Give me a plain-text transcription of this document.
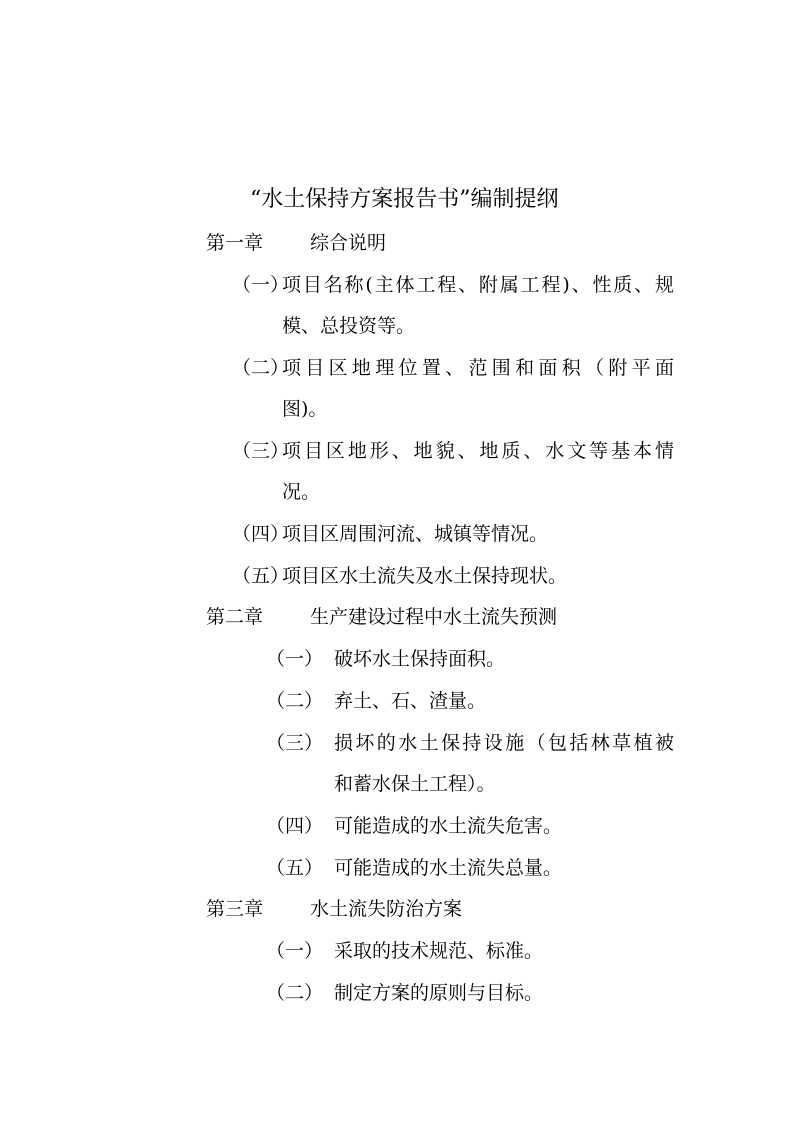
“水土保持方案报告书”编制提纲
第一章 综合说明
（一）
项目名称(主体工程、附属工程)、性质、规
模、总投资等。
（二）
项目区地理位置、范围和面积（附平面
图)。
（三）
项目区地形、地貌、地质、水文等基本情
况。
（四）
项目区周围河流、城镇等情况。
（五）
项目区水土流失及水土保持现状。
第二章 生产建设过程中水土流失预测
（一） 破坏水土保持面积。
（二） 弃土、石、渣量。
（三） 损坏的水土保持设施（包括林草植被
和蓄水保土工程）。
（四） 可能造成的水土流失危害。
（五） 可能造成的水土流失总量。
第三章 水土流失防治方案
（一） 采取的技术规范、标准。
（二） 制定方案的原则与目标。
